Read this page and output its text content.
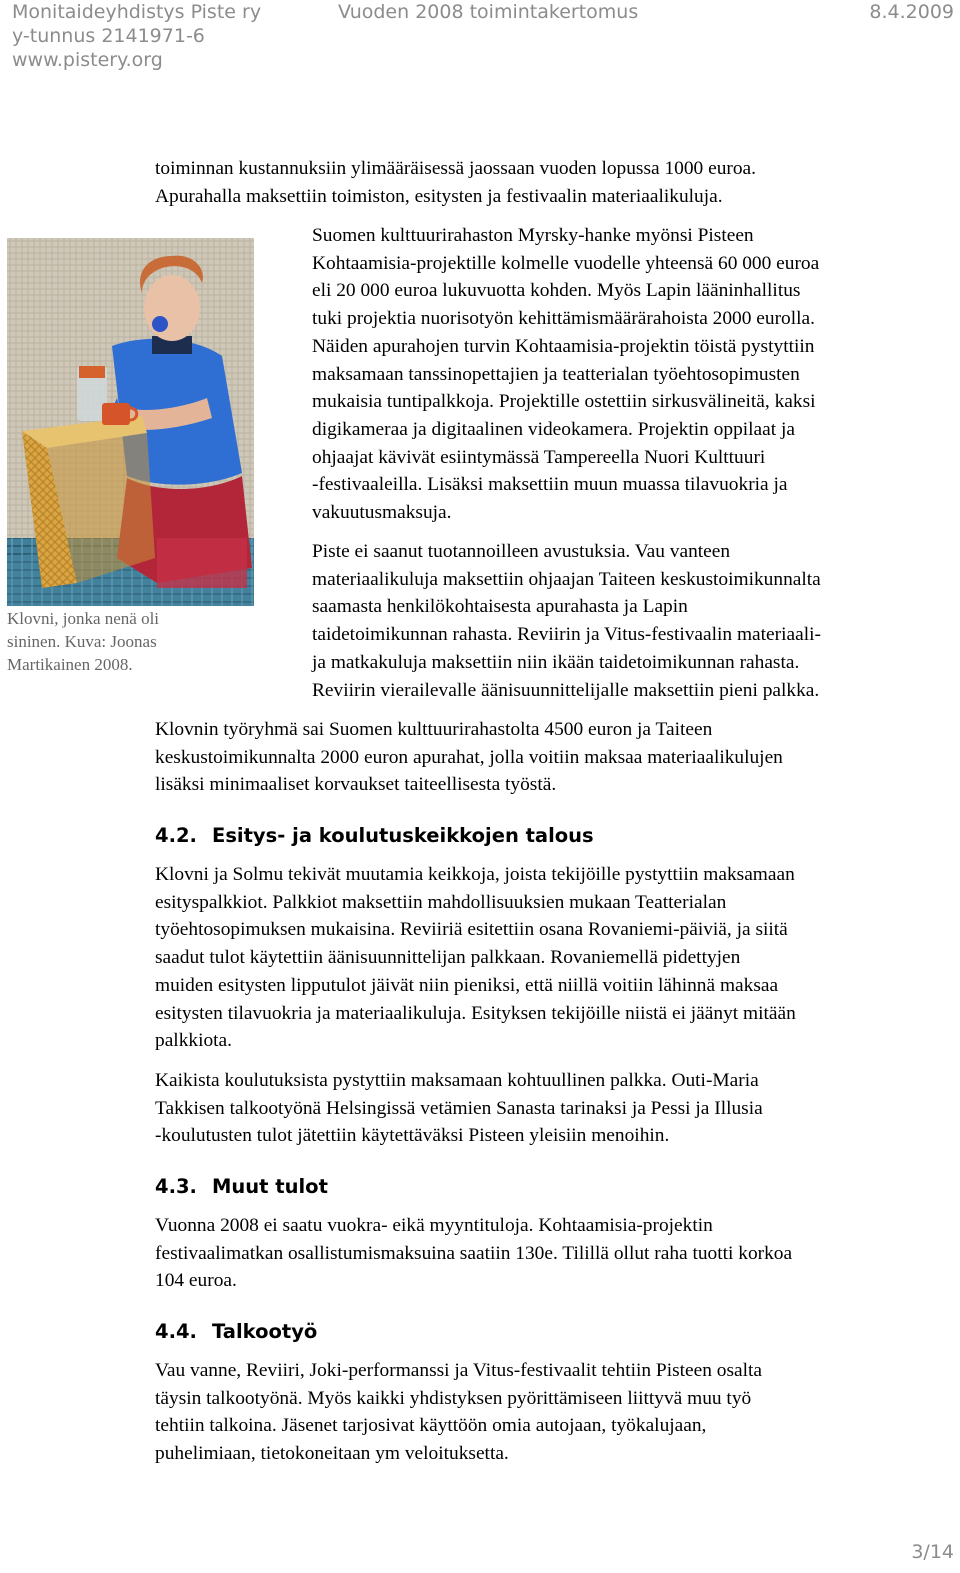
Monitaideyhdistys Piste ry	Vuoden 2008 toimintakertomus	8.4.2009
y-tunnus 2141971-6
www.pistery.org
toiminnan kustannuksiin ylimääräisessä jaossaan vuoden lopussa 1000 euroa.
Apurahalla maksettiin toimiston, esitysten ja festivaalin materiaalikuluja.
Klovni, jonka nenä oli
sininen. Kuva: Joonas
Martikainen 2008.
Suomen kulttuurirahaston Myrsky-hanke myönsi Pisteen
Kohtaamisia-projektille kolmelle vuodelle yhteensä 60 000 euroa
eli 20 000 euroa lukuvuotta kohden. Myös Lapin lääninhallitus
tuki projektia nuorisotyön kehittämismäärärahoista 2000 eurolla.
Näiden apurahojen turvin Kohtaamisia-projektin töistä pystyttiin
maksamaan tanssinopettajien ja teatterialan työehtosopimusten
mukaisia tuntipalkkoja. Projektille ostettiin sirkusvälineitä, kaksi
digikameraa ja digitaalinen videokamera. Projektin oppilaat ja
ohjaajat kävivät esiintymässä Tampereella Nuori Kulttuuri
-festivaaleilla. Lisäksi maksettiin muun muassa tilavuokria ja
vakuutusmaksuja.
Piste ei saanut tuotannoilleen avustuksia. Vau vanteen
materiaalikuluja maksettiin ohjaajan Taiteen keskustoimikunnalta
saamasta henkilökohtaisesta apurahasta ja Lapin
taidetoimikunnan rahasta. Reviirin ja Vitus-festivaalin materiaali-
ja matkakuluja maksettiin niin ikään taidetoimikunnan rahasta.
Reviirin vierailevalle äänisuunnittelijalle maksettiin pieni palkka.
Klovnin työryhmä sai Suomen kulttuurirahastolta 4500 euron ja Taiteen
keskustoimikunnalta 2000 euron apurahat, jolla voitiin maksaa materiaalikulujen
lisäksi minimaaliset korvaukset taiteellisesta työstä.
4.2. Esitys- ja koulutuskeikkojen talous
Klovni ja Solmu tekivät muutamia keikkoja, joista tekijöille pystyttiin maksamaan
esityspalkkiot. Palkkiot maksettiin mahdollisuuksien mukaan Teatterialan
työehtosopimuksen mukaisina. Reviiriä esitettiin osana Rovaniemi-päiviä, ja siitä
saadut tulot käytettiin äänisuunnittelijan palkkaan. Rovaniemellä pidettyjen
muiden esitysten lipputulot jäivät niin pieniksi, että niillä voitiin lähinnä maksaa
esitysten tilavuokria ja materiaalikuluja. Esityksen tekijöille niistä ei jäänyt mitään
palkkiota.
Kaikista koulutuksista pystyttiin maksamaan kohtuullinen palkka. Outi-Maria
Takkisen talkootyönä Helsingissä vetämien Sanasta tarinaksi ja Pessi ja Illusia
-koulutusten tulot jätettiin käytettäväksi Pisteen yleisiin menoihin.
4.3. Muut tulot
Vuonna 2008 ei saatu vuokra- eikä myyntituloja. Kohtaamisia-projektin
festivaalimatkan osallistumismaksuina saatiin 130e. Tilillä ollut raha tuotti korkoa
104 euroa.
4.4. Talkootyö
Vau vanne, Reviiri, Joki-performanssi ja Vitus-festivaalit tehtiin Pisteen osalta
täysin talkootyönä. Myös kaikki yhdistyksen pyörittämiseen liittyvä muu työ
tehtiin talkoina. Jäsenet tarjosivat käyttöön omia autojaan, työkalujaan,
puhelimiaan, tietokoneitaan ym veloituksetta.
3/14
